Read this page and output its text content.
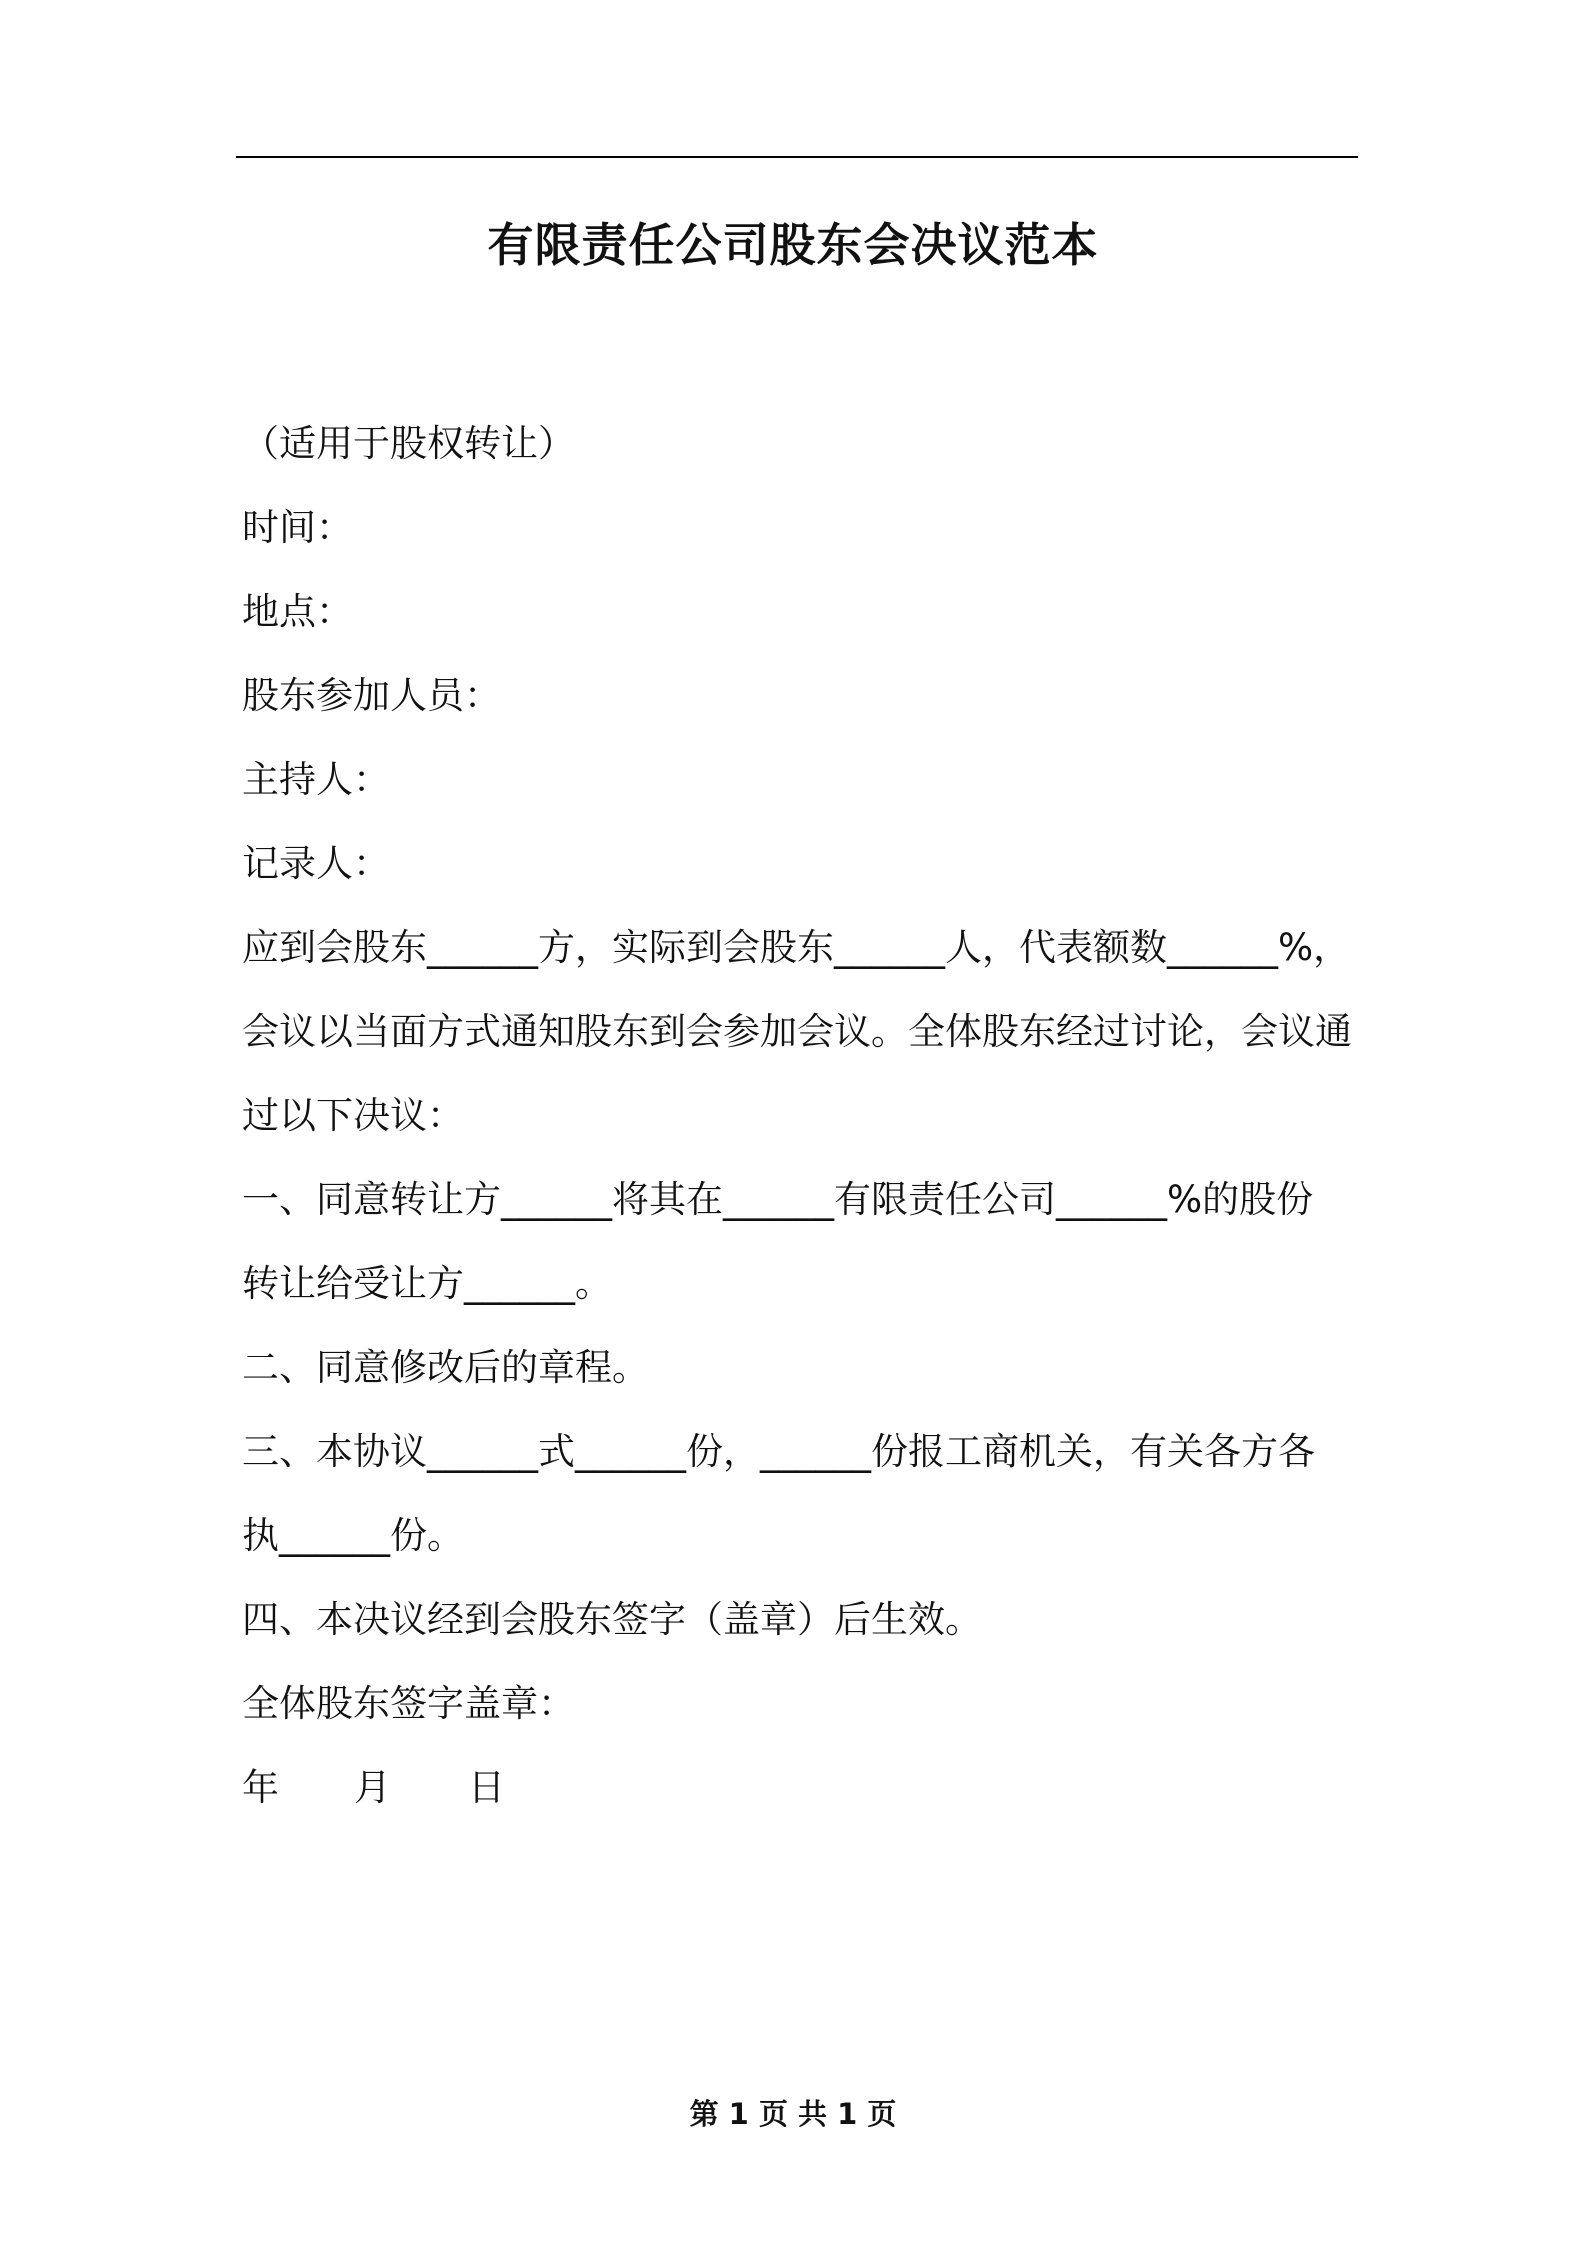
有限责任公司股东会决议范本
（适用于股权转让）
时间：
地点：
股东参加人员：
主持人：
记录人：
应到会股东______方，实际到会股东______人，代表额数______%，
会议以当面方式通知股东到会参加会议。全体股东经过讨论，会议通
过以下决议：
一、同意转让方______将其在______有限责任公司______%的股份
转让给受让方______。
二、同意修改后的章程。
三、本协议______式______份，______份报工商机关，有关各方各
执______份。
四、本决议经到会股东签字（盖章）后生效。
全体股东签字盖章：
年 月 日
第 1 页 共 1 页
